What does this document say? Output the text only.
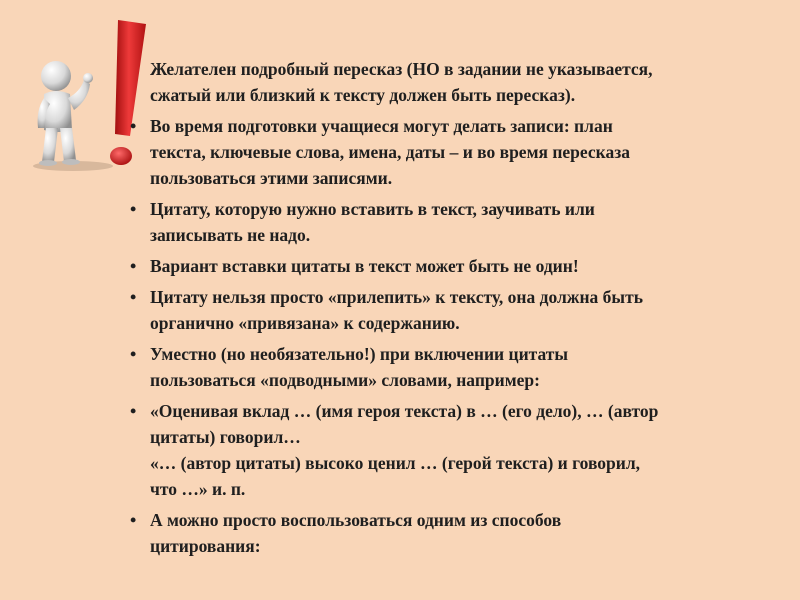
Желателен подробный пересказ (НО в задании не указывается,
сжатый или близкий к тексту должен быть пересказ).
• Во время подготовки учащиеся могут делать записи: план
текста, ключевые слова, имена, даты – и во время пересказа
пользоваться этими записями.
• Цитату, которую нужно вставить в текст, заучивать или
записывать не надо.
• Вариант вставки цитаты в текст может быть не один!
• Цитату нельзя просто «прилепить» к тексту, она должна быть
органично «привязана» к содержанию.
• Уместно (но необязательно!) при включении цитаты
пользоваться «подводными» словами, например:
• «Оценивая вклад … (имя героя текста) в … (его дело), … (автор
цитаты) говорил…
«… (автор цитаты) высоко ценил … (герой текста) и говорил,
что …» и. п.
• А можно просто воспользоваться одним из способов
цитирования:
